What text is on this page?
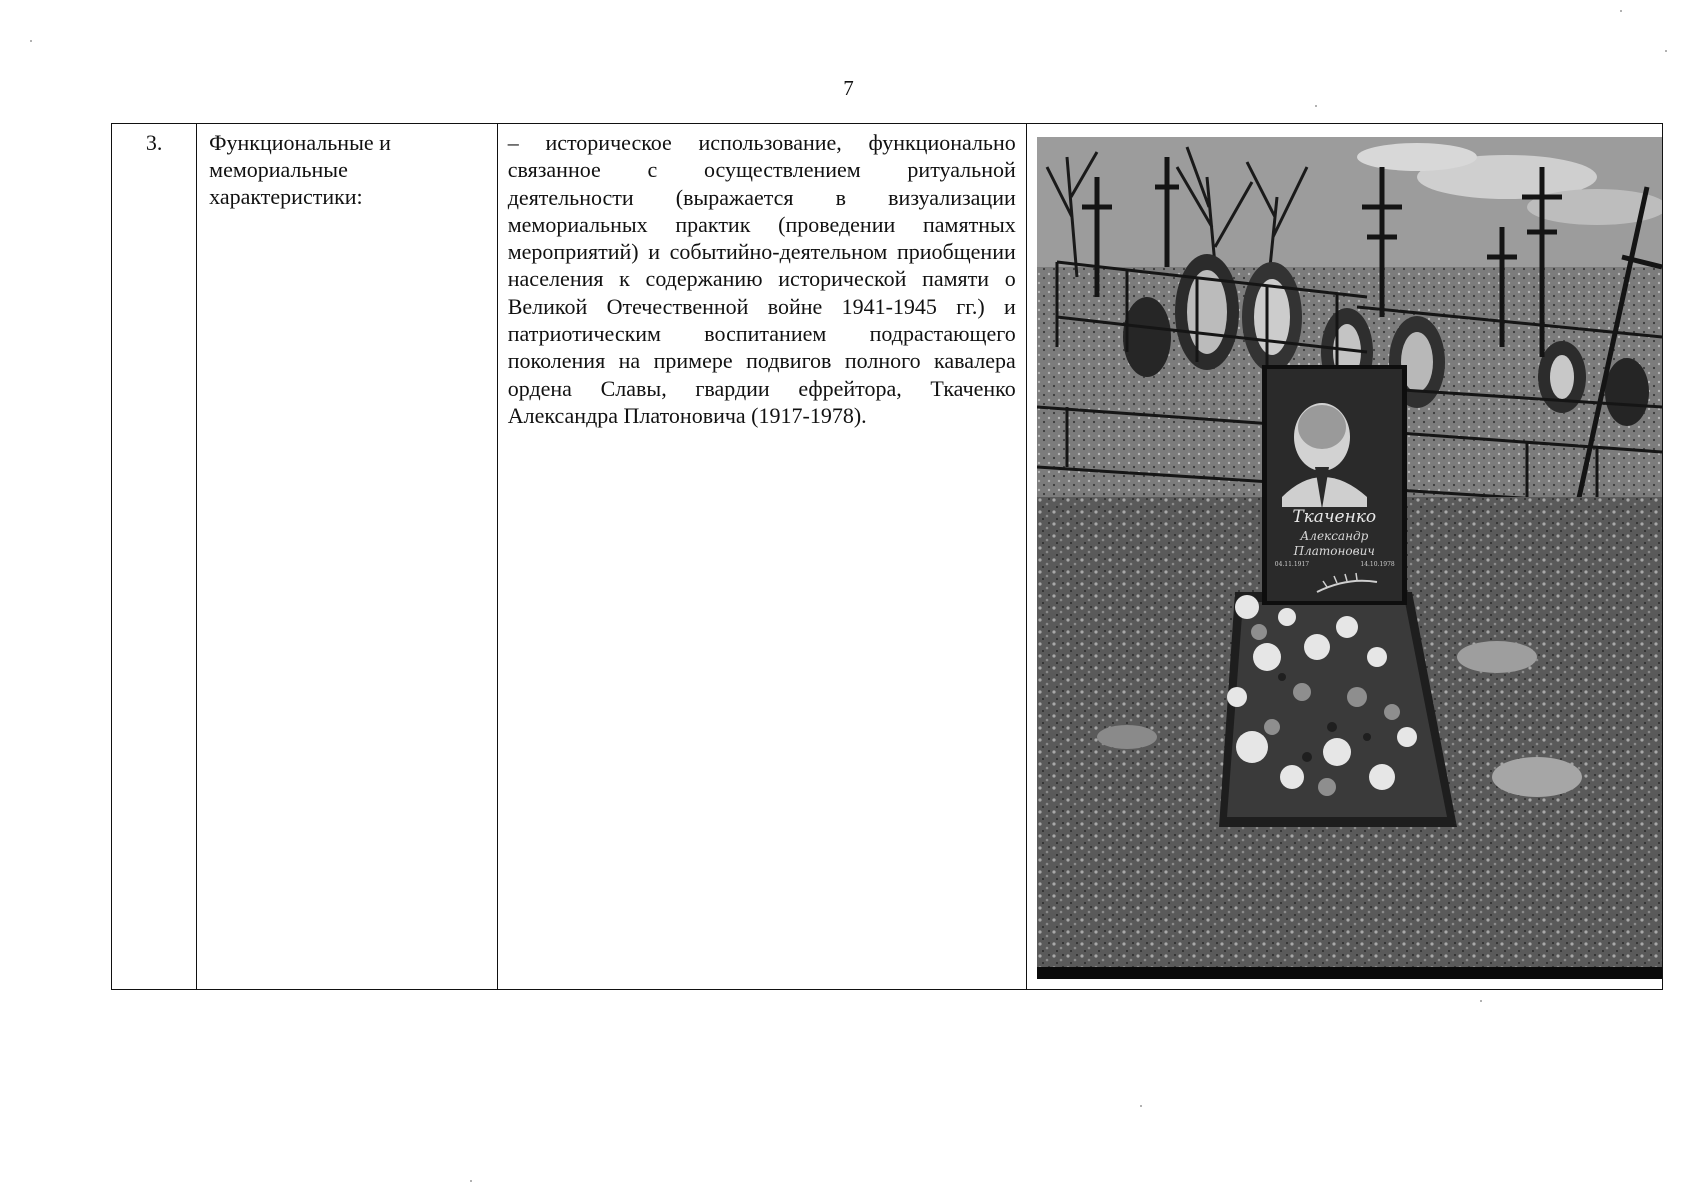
7
3.	Функциональные и мемориальные характеристики:	– историческое использование, функционально связанное с осуществлением ритуальной деятельности (выражается в визуализации мемориальных практик (проведении памятных мероприятий) и событийно-деятельном приобщении населения к содержанию исторической памяти о Великой Отечественной войне 1941-1945 гг.) и патриотическим воспитанием подрастающего поколения на примере подвигов полного кавалера ордена Славы, гвардии ефрейтора, Ткаченко Александра Платоновича (1917-1978).	
Ткаченко
Александр
Платонович
04.11.1917	14.10.1978
